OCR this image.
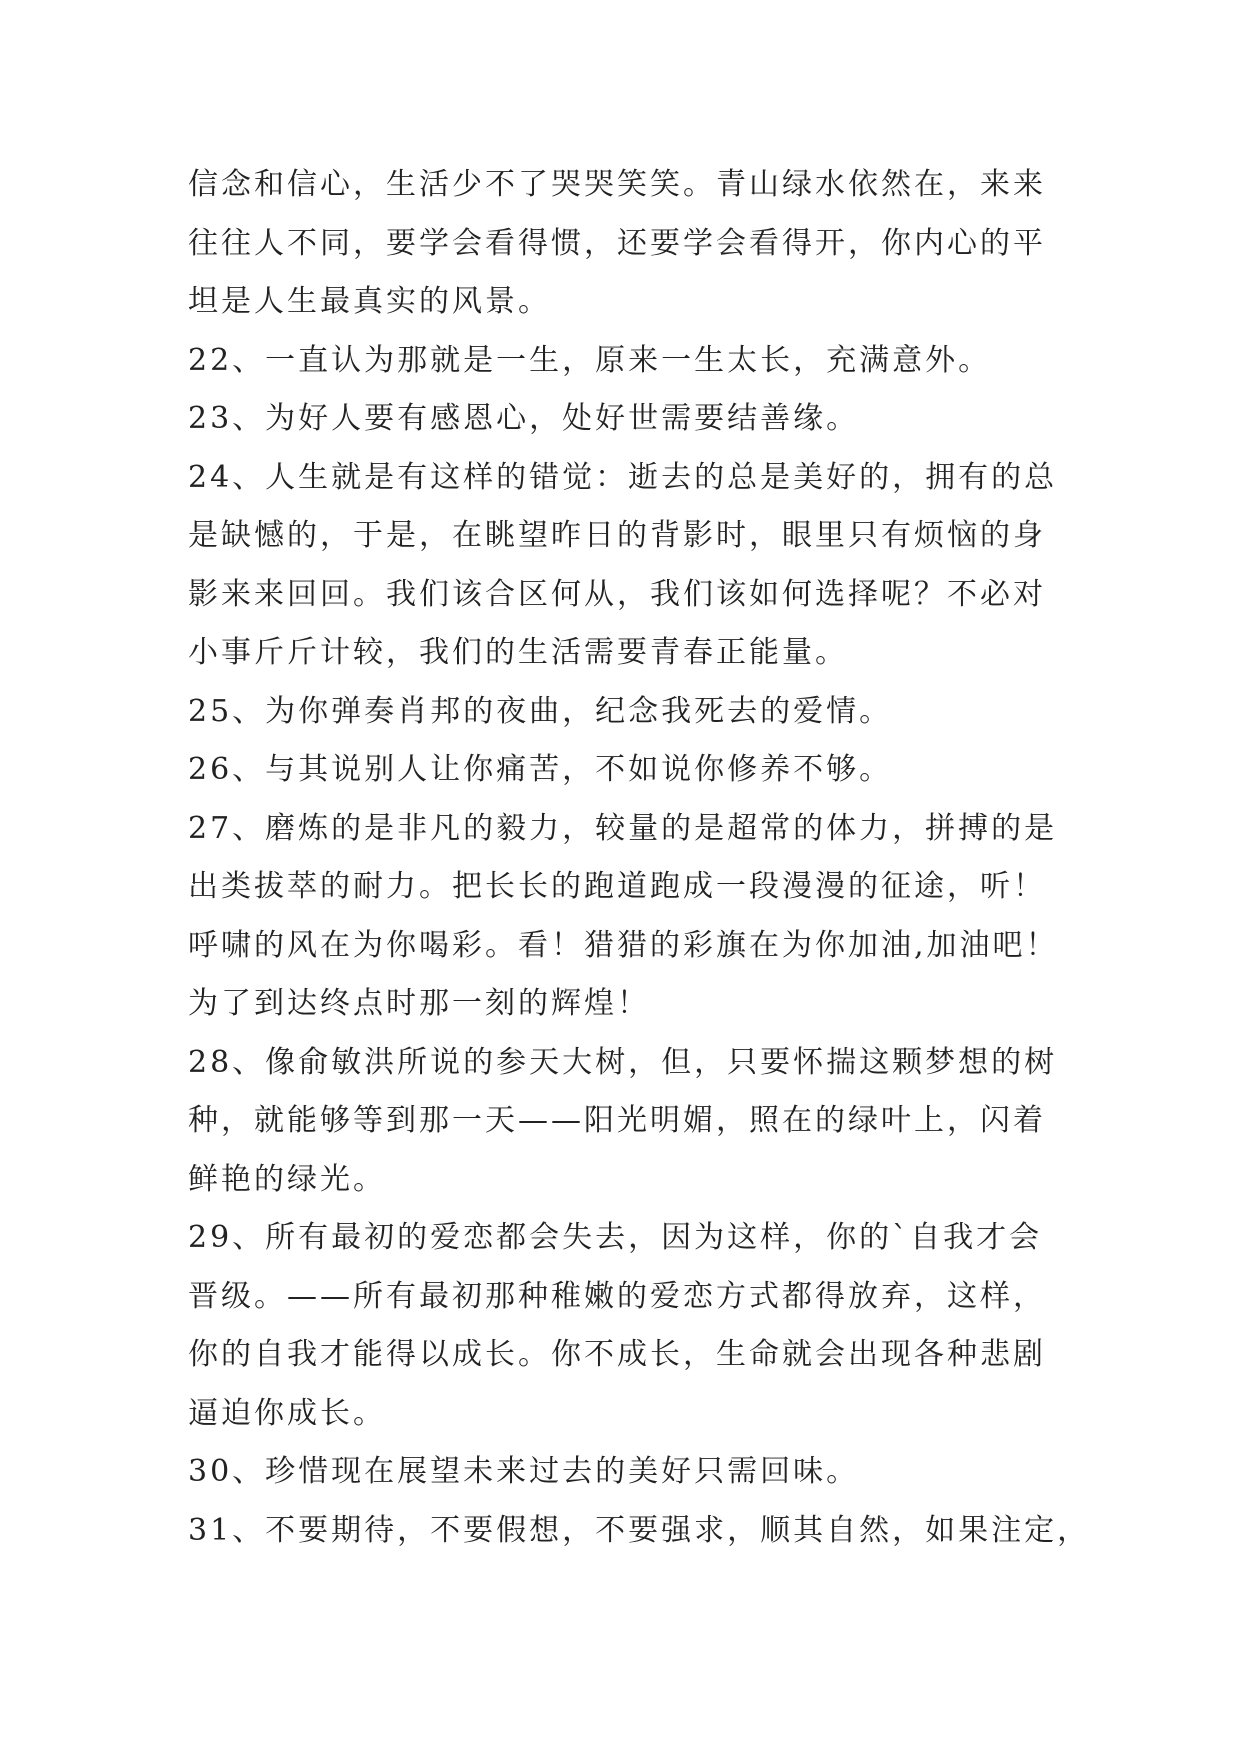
信念和信心，生活少不了哭哭笑笑。青山绿水依然在，来来
往往人不同，要学会看得惯，还要学会看得开，你内心的平
坦是人生最真实的风景。
22、一直认为那就是一生，原来一生太长，充满意外。
23、为好人要有感恩心，处好世需要结善缘。
24、人生就是有这样的错觉：逝去的总是美好的，拥有的总
是缺憾的，于是，在眺望昨日的背影时，眼里只有烦恼的身
影来来回回。我们该合区何从，我们该如何选择呢？不必对
小事斤斤计较，我们的生活需要青春正能量。
25、为你弹奏肖邦的夜曲，纪念我死去的爱情。
26、与其说别人让你痛苦，不如说你修养不够。
27、磨炼的是非凡的毅力，较量的是超常的体力，拼搏的是
出类拔萃的耐力。把长长的跑道跑成一段漫漫的征途，听！
呼啸的风在为你喝彩。看！猎猎的彩旗在为你加油,加油吧！
为了到达终点时那一刻的辉煌！
28、像俞敏洪所说的参天大树，但，只要怀揣这颗梦想的树
种，就能够等到那一天——阳光明媚，照在的绿叶上，闪着
鲜艳的绿光。
29、所有最初的爱恋都会失去，因为这样，你的`自我才会
晋级。——所有最初那种稚嫩的爱恋方式都得放弃，这样，
你的自我才能得以成长。你不成长，生命就会出现各种悲剧
逼迫你成长。
30、珍惜现在展望未来过去的美好只需回味。
31、不要期待，不要假想，不要强求，顺其自然，如果注定，
